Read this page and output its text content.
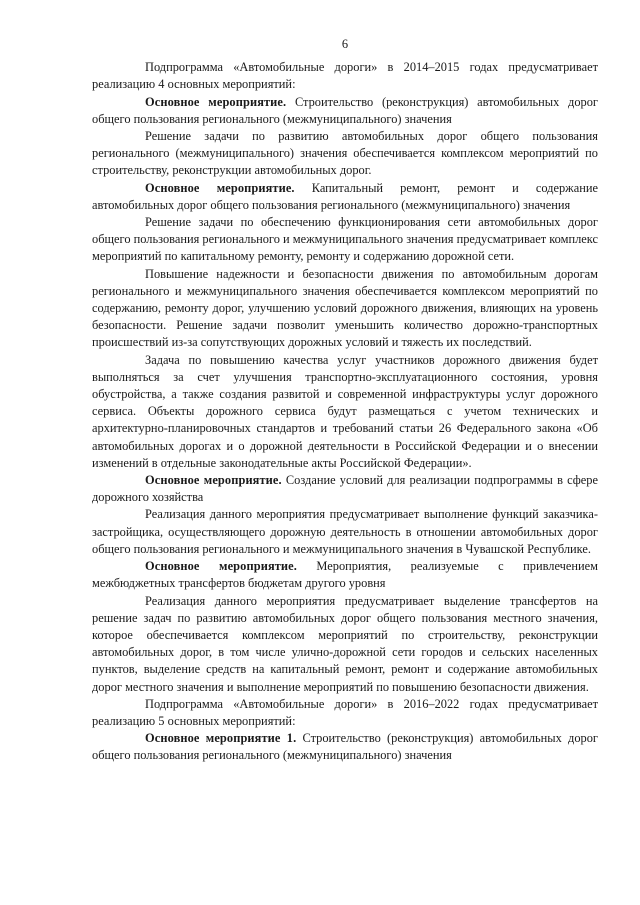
6

Подпрограмма «Автомобильные дороги» в 2014–2015 годах предусматривает реализацию 4 основных мероприятий:

Основное мероприятие. Строительство (реконструкция) автомобильных дорог общего пользования регионального (межмуниципального) значения

Решение задачи по развитию автомобильных дорог общего пользования регионального (межмуниципального) значения обеспечивается комплексом мероприятий по строительству, реконструкции автомобильных дорог.

Основное мероприятие. Капитальный ремонт, ремонт и содержание автомобильных дорог общего пользования регионального (межмуниципального) значения

Решение задачи по обеспечению функционирования сети автомобильных дорог общего пользования регионального и межмуниципального значения предусматривает комплекс мероприятий по капитальному ремонту, ремонту и содержанию дорожной сети.

Повышение надежности и безопасности движения по автомобильным дорогам регионального и межмуниципального значения обеспечивается комплексом мероприятий по содержанию, ремонту дорог, улучшению условий дорожного движения, влияющих на уровень безопасности. Решение задачи позволит уменьшить количество дорожно-транспортных происшествий из-за сопутствующих дорожных условий и тяжесть их последствий.

Задача по повышению качества услуг участников дорожного движения будет выполняться за счет улучшения транспортно-эксплуатационного состояния, уровня обустройства, а также создания развитой и современной инфраструктуры услуг дорожного сервиса. Объекты дорожного сервиса будут размещаться с учетом технических и архитектурно-планировочных стандартов и требований статьи 26 Федерального закона «Об автомобильных дорогах и о дорожной деятельности в Российской Федерации и о внесении изменений в отдельные законодательные акты Российской Федерации».

Основное мероприятие. Создание условий для реализации подпрограммы в сфере дорожного хозяйства

Реализация данного мероприятия предусматривает выполнение функций заказчика-застройщика, осуществляющего дорожную деятельность в отношении автомобильных дорог общего пользования регионального и межмуниципального значения в Чувашской Республике.

Основное мероприятие. Мероприятия, реализуемые с привлечением межбюджетных трансфертов бюджетам другого уровня

Реализация данного мероприятия предусматривает выделение трансфертов на решение задач по развитию автомобильных дорог общего пользования местного значения, которое обеспечивается комплексом мероприятий по строительству, реконструкции автомобильных дорог, в том числе улично-дорожной сети городов и сельских населенных пунктов, выделение средств на капитальный ремонт, ремонт и содержание автомобильных дорог местного значения и выполнение мероприятий по повышению безопасности движения.

Подпрограмма «Автомобильные дороги» в 2016–2022 годах предусматривает реализацию 5 основных мероприятий:

Основное мероприятие 1. Строительство (реконструкция) автомобильных дорог общего пользования регионального (межмуниципального) значения
